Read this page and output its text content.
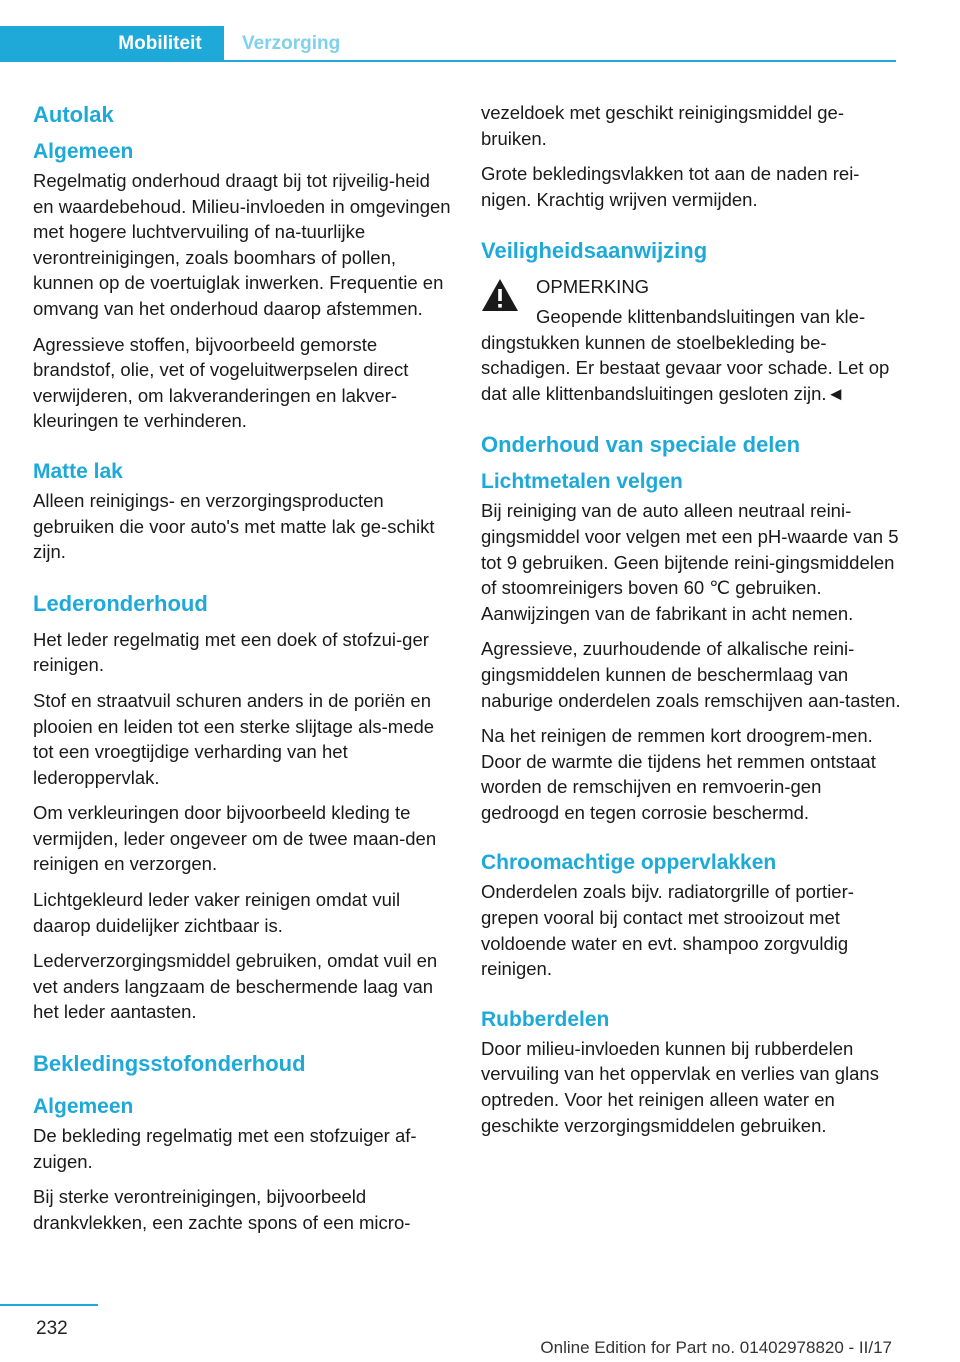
Mobiliteit	Verzorging
Autolak
Algemeen

Regelmatig onderhoud draagt bij tot rijveilig‐heid en waardebehoud. Milieu-invloeden in omgevingen met hogere luchtvervuiling of na‐tuurlijke verontreinigingen, zoals boomhars of pollen, kunnen op de voertuiglak inwerken. Frequentie en omvang van het onderhoud daarop afstemmen.

Agressieve stoffen, bijvoorbeeld gemorste brandstof, olie, vet of vogeluitwerpselen direct verwijderen, om lakveranderingen en lakver‐kleuringen te verhinderen.

Matte lak

Alleen reinigings- en verzorgingsproducten gebruiken die voor auto's met matte lak ge‐schikt zijn.

Lederonderhoud

Het leder regelmatig met een doek of stofzui‐ger reinigen.

Stof en straatvuil schuren anders in de poriën en plooien en leiden tot een sterke slijtage als‐mede tot een vroegtijdige verharding van het lederoppervlak.

Om verkleuringen door bijvoorbeeld kleding te vermijden, leder ongeveer om de twee maan‐den reinigen en verzorgen.

Lichtgekleurd leder vaker reinigen omdat vuil daarop duidelijker zichtbaar is.

Lederverzorgingsmiddel gebruiken, omdat vuil en vet anders langzaam de beschermende laag van het leder aantasten.

Bekledingsstofonderhoud
Algemeen

De bekleding regelmatig met een stofzuiger af‐zuigen.

Bij sterke verontreinigingen, bijvoorbeeld drankvlekken, een zachte spons of een micro‐

vezeldoek met geschikt reinigingsmiddel ge‐bruiken.

Grote bekledingsvlakken tot aan de naden rei‐nigen. Krachtig wrijven vermijden.

Veiligheidsaanwijzing

OPMERKING

Geopende klittenbandsluitingen van kle‐dingstukken kunnen de stoelbekleding be‐schadigen. Er bestaat gevaar voor schade. Let op dat alle klittenbandsluitingen gesloten zijn.◄

Onderhoud van speciale delen
Lichtmetalen velgen

Bij reiniging van de auto alleen neutraal reini‐gingsmiddel voor velgen met een pH-waarde van 5 tot 9 gebruiken. Geen bijtende reini‐gingsmiddelen of stoomreinigers boven 60 ℃ gebruiken. Aanwijzingen van de fabrikant in acht nemen.

Agressieve, zuurhoudende of alkalische reini‐gingsmiddelen kunnen de beschermlaag van naburige onderdelen zoals remschijven aan‐tasten.

Na het reinigen de remmen kort droogrem‐men. Door de warmte die tijdens het remmen ontstaat worden de remschijven en remvoerin‐gen gedroogd en tegen corrosie beschermd.

Chroomachtige oppervlakken

Onderdelen zoals bijv. radiatorgrille of portier‐grepen vooral bij contact met strooizout met voldoende water en evt. shampoo zorgvuldig reinigen.

Rubberdelen

Door milieu-invloeden kunnen bij rubberdelen vervuiling van het oppervlak en verlies van glans optreden. Voor het reinigen alleen water en geschikte verzorgingsmiddelen gebruiken.

232
Online Edition for Part no. 01402978820 - II/17
